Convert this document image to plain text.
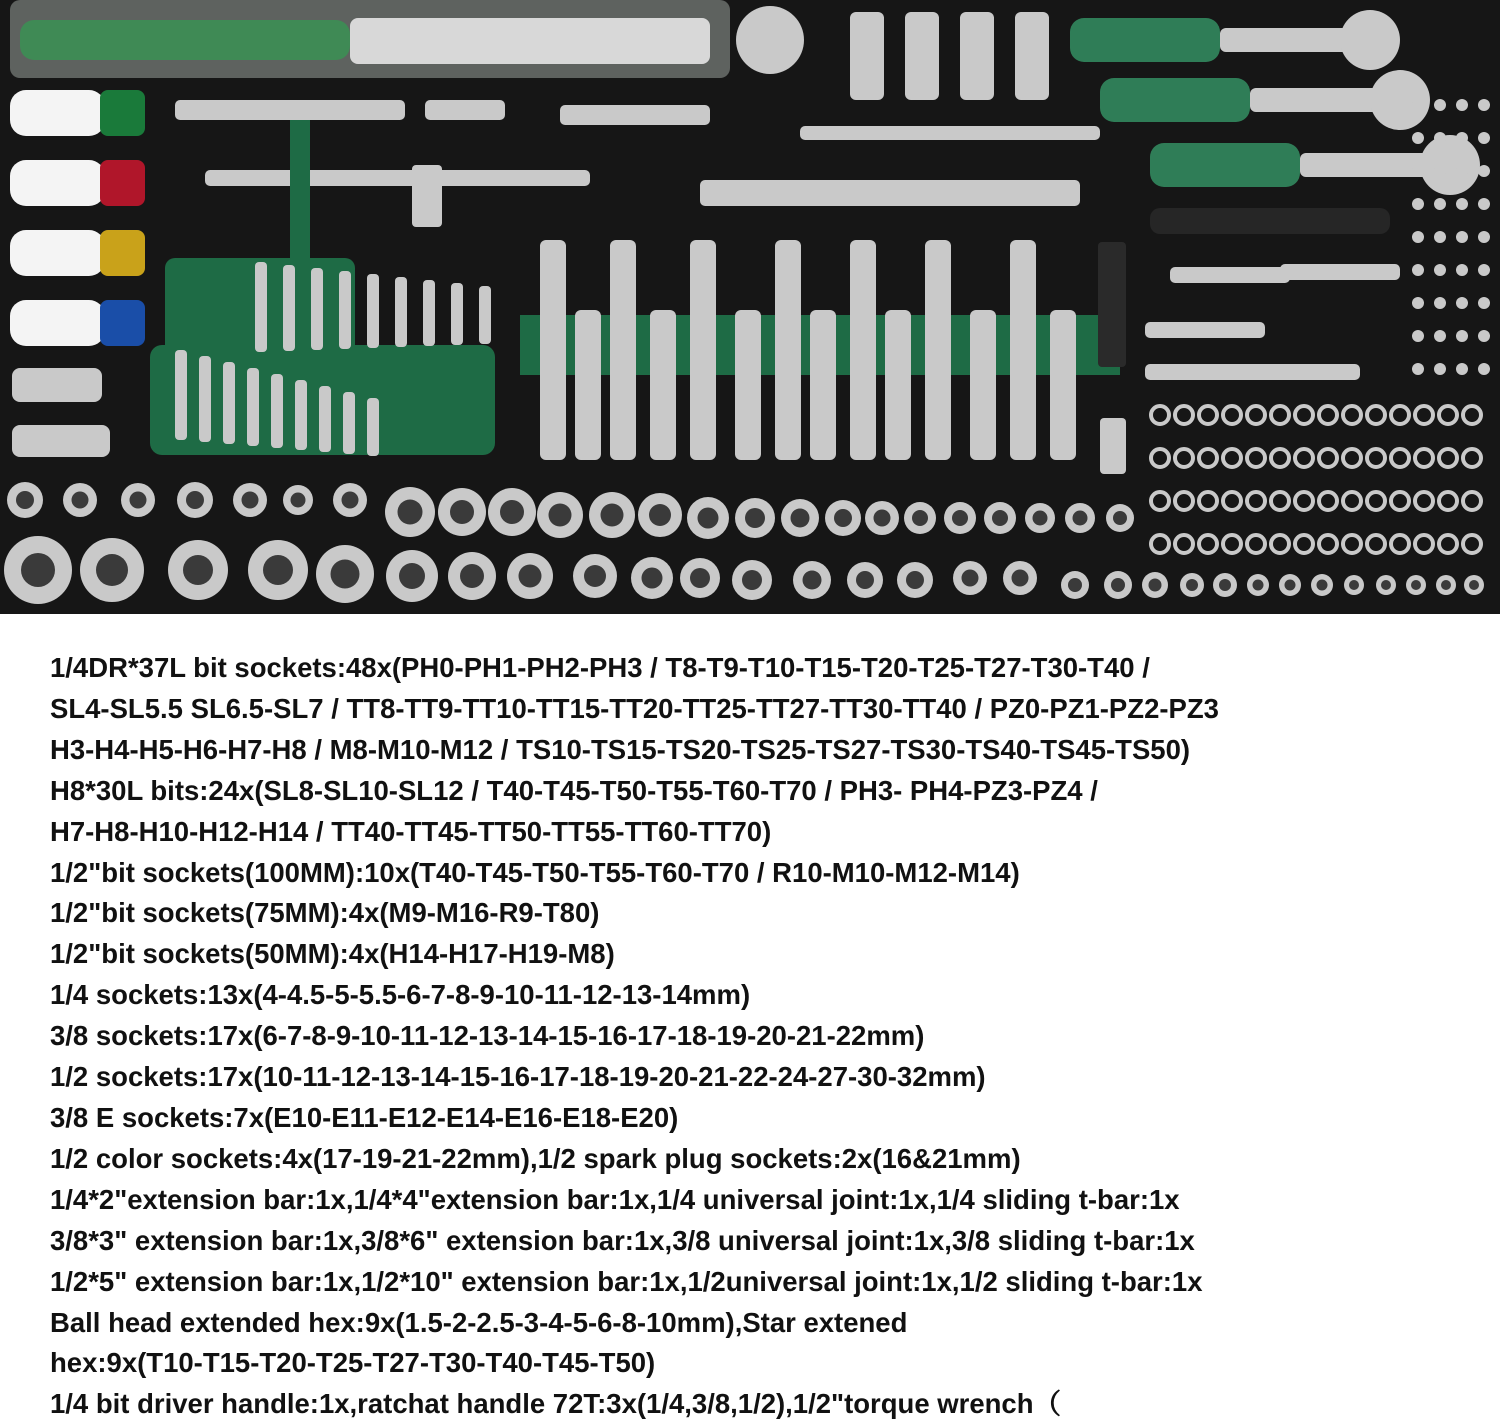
1/4DR*37L bit sockets:48x(PH0-PH1-PH2-PH3 / T8-T9-T10-T15-T20-T25-T27-T30-T40 /
SL4-SL5.5 SL6.5-SL7 / TT8-TT9-TT10-TT15-TT20-TT25-TT27-TT30-TT40 / PZ0-PZ1-PZ2-PZ3
H3-H4-H5-H6-H7-H8 / M8-M10-M12 / TS10-TS15-TS20-TS25-TS27-TS30-TS40-TS45-TS50)
H8*30L bits:24x(SL8-SL10-SL12 / T40-T45-T50-T55-T60-T70 / PH3- PH4-PZ3-PZ4 /
H7-H8-H10-H12-H14 / TT40-TT45-TT50-TT55-TT60-TT70)
1/2"bit sockets(100MM):10x(T40-T45-T50-T55-T60-T70 / R10-M10-M12-M14)
1/2"bit sockets(75MM):4x(M9-M16-R9-T80)
1/2"bit sockets(50MM):4x(H14-H17-H19-M8)
1/4 sockets:13x(4-4.5-5-5.5-6-7-8-9-10-11-12-13-14mm)
3/8 sockets:17x(6-7-8-9-10-11-12-13-14-15-16-17-18-19-20-21-22mm)
1/2 sockets:17x(10-11-12-13-14-15-16-17-18-19-20-21-22-24-27-30-32mm)
3/8 E sockets:7x(E10-E11-E12-E14-E16-E18-E20)
1/2 color sockets:4x(17-19-21-22mm),1/2 spark plug sockets:2x(16&21mm)
1/4*2"extension bar:1x,1/4*4"extension bar:1x,1/4 universal joint:1x,1/4 sliding t-bar:1x
3/8*3" extension bar:1x,3/8*6" extension bar:1x,3/8 universal joint:1x,3/8 sliding t-bar:1x
1/2*5" extension bar:1x,1/2*10" extension bar:1x,1/2universal joint:1x,1/2 sliding t-bar:1x
Ball head extended hex:9x(1.5-2-2.5-3-4-5-6-8-10mm),Star extened
hex:9x(T10-T15-T20-T25-T27-T30-T40-T45-T50)
1/4 bit driver handle:1x,ratchat handle 72T:3x(1/4,3/8,1/2),1/2"torque wrench（
